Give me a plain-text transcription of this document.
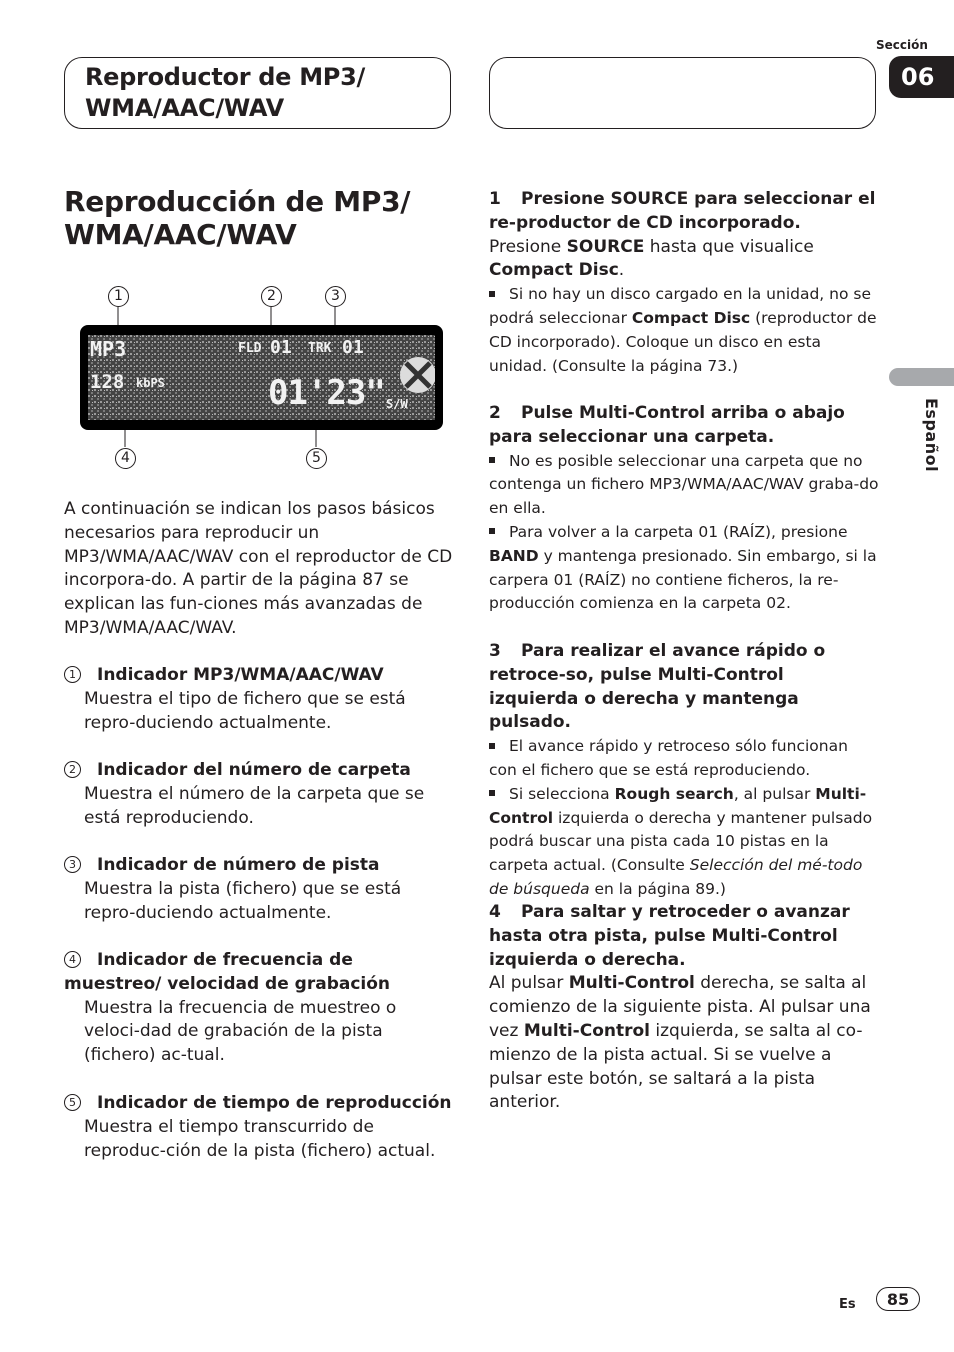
Sección
06
Reproductor de MP3/ WMA/AAC/WAV
Español
Reproducción de MP3/ WMA/AAC/WAV
1	2	3
4	5
MP3	FLD 01 TRK 01
128 kbPS	01'23" S/W
A continuación se indican los pasos básicos necesarios para reproducir un MP3/WMA/AAC/WAV con el reproductor de CD incorpora-do. A partir de la página 87 se explican las fun-ciones más avanzadas de MP3/WMA/AAC/WAV.
1 Indicador MP3/WMA/AAC/WAV
Muestra el tipo de fichero que se está repro-duciendo actualmente.
2 Indicador del número de carpeta
Muestra el número de la carpeta que se está reproduciendo.
3 Indicador de número de pista
Muestra la pista (fichero) que se está repro-duciendo actualmente.
4 Indicador de frecuencia de muestreo/ velocidad de grabación
Muestra la frecuencia de muestreo o veloci-dad de grabación de la pista (fichero) ac-tual.
5 Indicador de tiempo de reproducción
Muestra el tiempo transcurrido de reproduc-ción de la pista (fichero) actual.
1 Presione SOURCE para seleccionar el re-productor de CD incorporado.
Presione SOURCE hasta que visualice Compact Disc.
Si no hay un disco cargado en la unidad, no se podrá seleccionar Compact Disc (reproductor de CD incorporado). Coloque un disco en esta unidad. (Consulte la página 73.)
2 Pulse Multi-Control arriba o abajo para seleccionar una carpeta.
No es posible seleccionar una carpeta que no contenga un fichero MP3/WMA/AAC/WAV graba-do en ella.
Para volver a la carpeta 01 (RAÍZ), presione BAND y mantenga presionado. Sin embargo, si la carpera 01 (RAÍZ) no contiene ficheros, la re-producción comienza en la carpeta 02.
3 Para realizar el avance rápido o retroce-so, pulse Multi-Control izquierda o derecha y mantenga pulsado.
El avance rápido y retroceso sólo funcionan con el fichero que se está reproduciendo.
Si selecciona Rough search, al pulsar Multi-Control izquierda o derecha y mantener pulsado podrá buscar una pista cada 10 pistas en la carpeta actual. (Consulte Selección del mé-todo de búsqueda en la página 89.)
4 Para saltar y retroceder o avanzar hasta otra pista, pulse Multi-Control izquierda o derecha.
Al pulsar Multi-Control derecha, se salta al comienzo de la siguiente pista. Al pulsar una vez Multi-Control izquierda, se salta al co-mienzo de la pista actual. Si se vuelve a pulsar este botón, se saltará a la pista anterior.
Es	85
